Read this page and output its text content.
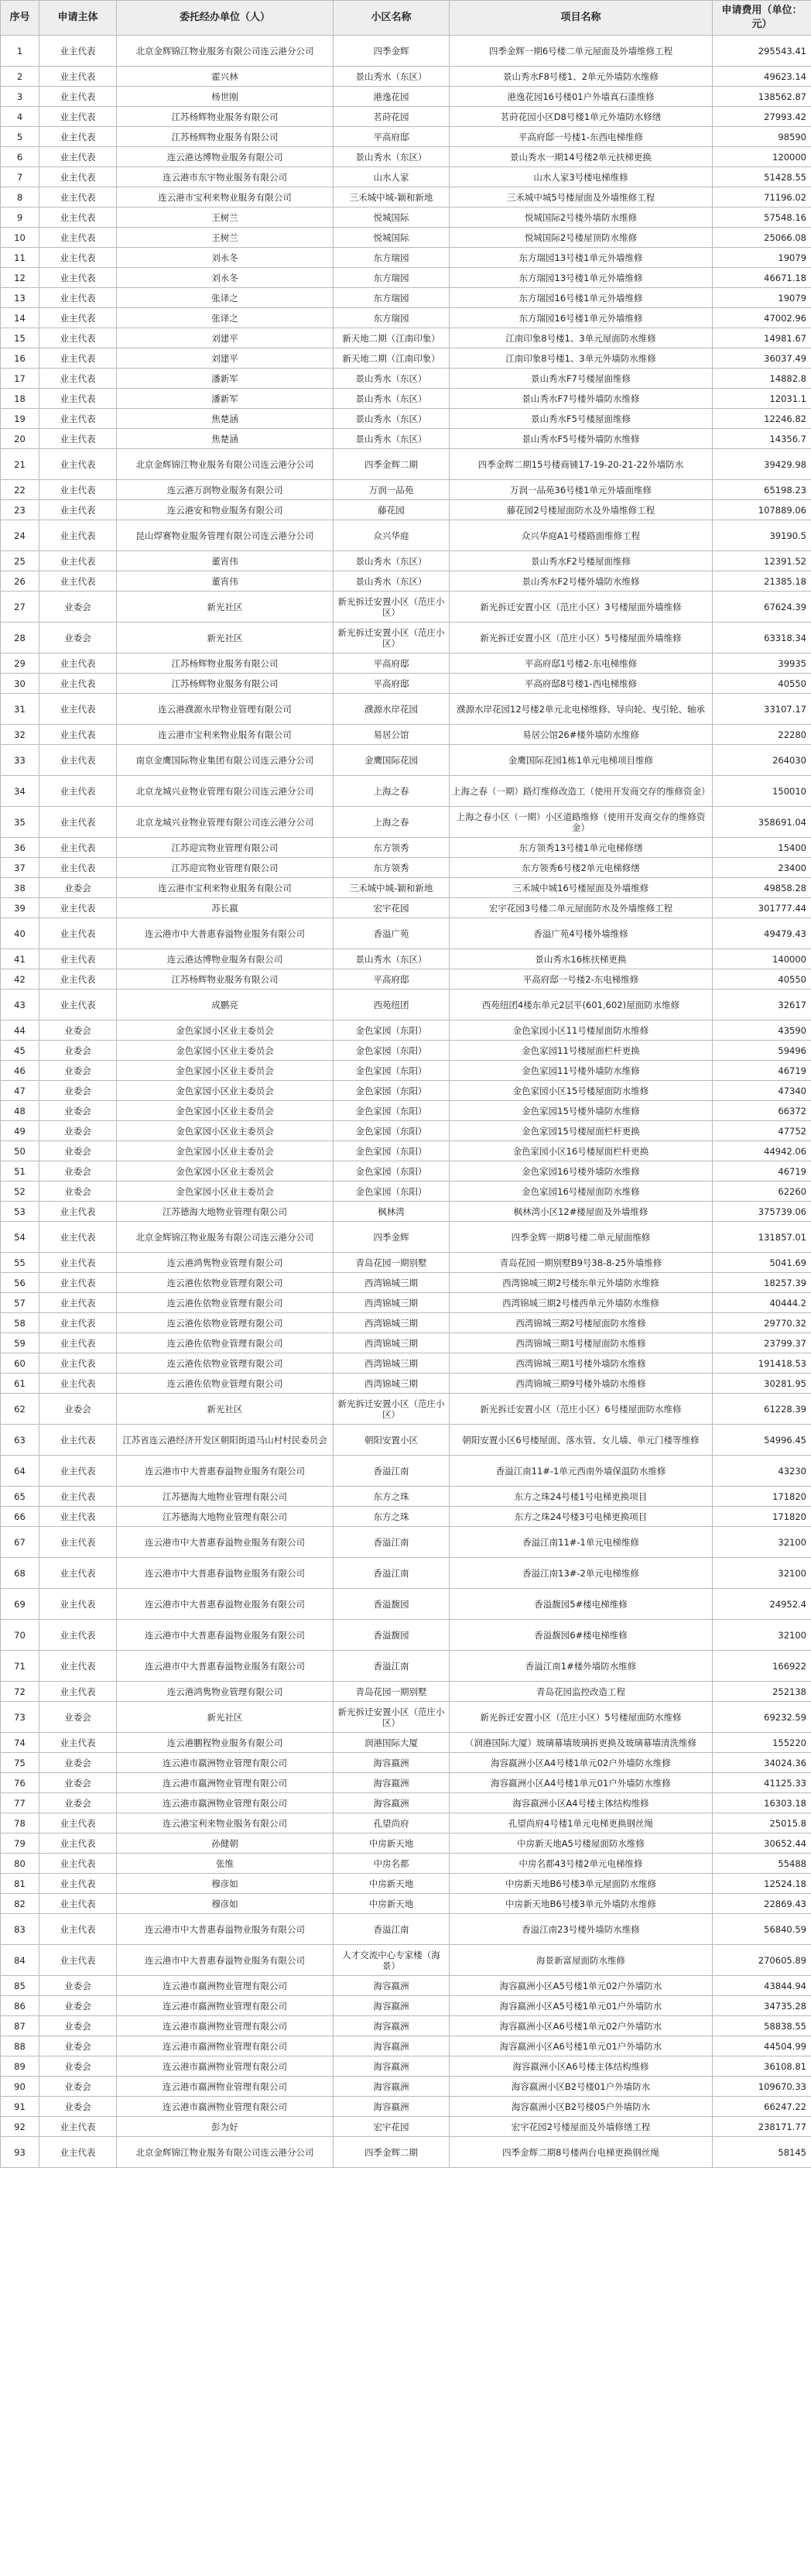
序号	申请主体	委托经办单位（人）	小区名称	项目名称	申请费用（单位：元）
1	业主代表	北京金辉锦江物业服务有限公司连云港分公司	四季金辉	四季金辉一期6号楼二单元屋面及外墙维修工程	295543.41
2	业主代表	霍兴林	景山秀水（东区）	景山秀水F8号楼1、2单元外墙防水维修	49623.14
3	业主代表	杨世刚	港逸花园	港逸花园16号楼01户外墙真石漆维修	138562.87
4	业主代表	江苏杨辉物业服务有限公司	茗莳花园	茗莳花园小区D8号楼1单元外墙防水修缮	27993.42
5	业主代表	江苏杨辉物业服务有限公司	平高府邸	平高府邸一号楼1-东西电梯维修	98590
6	业主代表	连云港达博物业服务有限公司	景山秀水（东区）	景山秀水一期14号楼2单元扶梯更换	120000
7	业主代表	连云港市东宇物业服务有限公司	山水人家	山水人家3号楼电梯维修	51428.55
8	业主代表	连云港市宝利来物业服务有限公司	三禾城中城-颖和新地	三禾城中城5号楼屋面及外墙维修工程	71196.02
9	业主代表	王树兰	悦城国际	悦城国际2号楼外墙防水维修	57548.16
10	业主代表	王树兰	悦城国际	悦城国际2号楼屋顶防水维修	25066.08
11	业主代表	刘永冬	东方瑞园	东方瑞园13号楼1单元外墙维修	19079
12	业主代表	刘永冬	东方瑞园	东方瑞园13号楼1单元外墙维修	46671.18
13	业主代表	张译之	东方瑞园	东方瑞园16号楼1单元外墙维修	19079
14	业主代表	张译之	东方瑞园	东方瑞园16号楼1单元外墙维修	47002.96
15	业主代表	刘建平	新天地二期（江南印象）	江南印象8号楼1、3单元屋面防水维修	14981.67
16	业主代表	刘建平	新天地二期（江南印象）	江南印象8号楼1、3单元外墙防水维修	36037.49
17	业主代表	潘新军	景山秀水（东区）	景山秀水F7号楼屋面维修	14882.8
18	业主代表	潘新军	景山秀水（东区）	景山秀水F7号楼外墙防水维修	12031.1
19	业主代表	焦楚涵	景山秀水（东区）	景山秀水F5号楼屋面维修	12246.82
20	业主代表	焦楚涵	景山秀水（东区）	景山秀水F5号楼外墙防水维修	14356.7
21	业主代表	北京金辉锦江物业服务有限公司连云港分公司	四季金辉二期	四季金辉二期15号楼商铺17-19-20-21-22外墙防水	39429.98
22	业主代表	连云港万润物业服务有限公司	万润一品苑	万润一品苑36号楼1单元外墙面维修	65198.23
23	业主代表	连云港安和物业服务有限公司	藤花园	藤花园2号楼屋面防水及外墙维修工程	107889.06
24	业主代表	昆山焊赛物业服务管理有限公司连云港分公司	众兴华庭	众兴华庭A1号楼路面维修工程	39190.5
25	业主代表	董宵伟	景山秀水（东区）	景山秀水F2号楼屋面维修	12391.52
26	业主代表	董宵伟	景山秀水（东区）	景山秀水F2号楼外墙防水维修	21385.18
27	业委会	新光社区	新光拆迁安置小区（范庄小区）	新光拆迁安置小区（范庄小区）3号楼屋面外墙维修	67624.39
28	业委会	新光社区	新光拆迁安置小区（范庄小区）	新光拆迁安置小区（范庄小区）5号楼屋面外墙维修	63318.34
29	业主代表	江苏杨辉物业服务有限公司	平高府邸	平高府邸1号楼2-东电梯维修	39935
30	业主代表	江苏杨辉物业服务有限公司	平高府邸	平高府邸8号楼1-西电梯维修	40550
31	业主代表	连云港濮源水岸物业管理有限公司	濮源水岸花园	濮源水岸花园12号楼2单元北电梯维修、导向轮、曳引轮、轴承	33107.17
32	业主代表	连云港市宝利来物业服务有限公司	易居公馆	易居公馆26#楼外墙防水维修	22280
33	业主代表	南京金鹰国际物业集团有限公司连云港分公司	金鹰国际花园	金鹰国际花园1栋1单元电梯项目维修	264030
34	业主代表	北京龙城兴业物业管理有限公司连云港分公司	上海之春	上海之春（一期）路灯维修改造工（使用开发商交存的维修资金）	150010
35	业主代表	北京龙城兴业物业管理有限公司连云港分公司	上海之春	上海之春小区（一期）小区道路维修（使用开发商交存的维修资金）	358691.04
36	业主代表	江苏迎宾物业管理有限公司	东方领秀	东方领秀13号楼1单元电梯修缮	15400
37	业主代表	江苏迎宾物业管理有限公司	东方领秀	东方领秀6号楼2单元电梯修缮	23400
38	业委会	连云港市宝利来物业服务有限公司	三禾城中城-颖和新地	三禾城中城16号楼屋面及外墙维修	49858.28
39	业主代表	苏长嬴	宏宇花园	宏宇花园3号楼二单元屋面防水及外墙维修工程	301777.44
40	业主代表	连云港市中大普惠春溢物业服务有限公司	香溢广苑	香溢广苑4号楼外墙维修	49479.43
41	业主代表	连云港达博物业服务有限公司	景山秀水（东区）	景山秀水16栋扶梯更换	140000
42	业主代表	江苏杨辉物业服务有限公司	平高府邸	平高府邸一号楼2-东电梯维修	40550
43	业主代表	成鹏亮	西苑纽团	西苑纽团4楼东单元2层平(601,602)屋面防水维修	32617
44	业委会	金色家园小区业主委员会	金色家园（东阳）	金色家园小区11号楼屋面防水维修	43590
45	业委会	金色家园小区业主委员会	金色家园（东阳）	金色家园11号楼屋面栏杆更换	59496
46	业委会	金色家园小区业主委员会	金色家园（东阳）	金色家园11号楼外墙防水维修	46719
47	业委会	金色家园小区业主委员会	金色家园（东阳）	金色家园小区15号楼屋面防水维修	47340
48	业委会	金色家园小区业主委员会	金色家园（东阳）	金色家园15号楼外墙防水维修	66372
49	业委会	金色家园小区业主委员会	金色家园（东阳）	金色家园15号楼屋面栏杆更换	47752
50	业委会	金色家园小区业主委员会	金色家园（东阳）	金色家园小区16号楼屋面栏杆更换	44942.06
51	业委会	金色家园小区业主委员会	金色家园（东阳）	金色家园16号楼外墙防水维修	46719
52	业委会	金色家园小区业主委员会	金色家园（东阳）	金色家园16号楼屋面防水维修	62260
53	业主代表	江苏德海大地物业管理有限公司	枫林湾	枫林湾小区12#楼屋面及外墙维修	375739.06
54	业主代表	北京金辉锦江物业服务有限公司连云港分公司	四季金辉	四季金辉一期8号楼二单元屋面维修	131857.01
55	业主代表	连云港鸿隽物业管理有限公司	青岛花园一期别墅	青岛花园一期别墅B9号38-8-25外墙维修	5041.69
56	业主代表	连云港佐依物业管理有限公司	西湾锦城三期	西湾锦城三期2号楼东单元外墙防水维修	18257.39
57	业主代表	连云港佐依物业管理有限公司	西湾锦城三期	西湾锦城三期2号楼西单元外墙防水维修	40444.2
58	业主代表	连云港佐依物业管理有限公司	西湾锦城三期	西湾锦城三期2号楼屋面防水维修	29770.32
59	业主代表	连云港佐依物业管理有限公司	西湾锦城三期	西湾锦城三期1号楼屋面防水维修	23799.37
60	业主代表	连云港佐依物业管理有限公司	西湾锦城三期	西湾锦城三期1号楼外墙防水维修	191418.53
61	业主代表	连云港佐依物业管理有限公司	西湾锦城三期	西湾锦城三期9号楼外墙防水维修	30281.95
62	业委会	新光社区	新光拆迁安置小区（范庄小区）	新光拆迁安置小区（范庄小区）6号楼屋面防水维修	61228.39
63	业主代表	江苏省连云港经济开发区朝阳街道马山村村民委员会	朝阳安置小区	朝阳安置小区6号楼屋面、落水管、女儿墙、单元门楼等维修	54996.45
64	业主代表	连云港市中大普惠春溢物业服务有限公司	香溢江南	香溢江南11#-1单元西南外墙保温防水维修	43230
65	业主代表	江苏德海大地物业管理有限公司	东方之珠	东方之珠24号楼1号电梯更换项目	171820
66	业主代表	江苏德海大地物业管理有限公司	东方之珠	东方之珠24号楼3号电梯更换项目	171820
67	业主代表	连云港市中大普惠春溢物业服务有限公司	香溢江南	香溢江南11#-1单元电梯维修	32100
68	业主代表	连云港市中大普惠春溢物业服务有限公司	香溢江南	香溢江南13#-2单元电梯维修	32100
69	业主代表	连云港市中大普惠春溢物业服务有限公司	香溢馥园	香溢馥园5#楼电梯维修	24952.4
70	业主代表	连云港市中大普惠春溢物业服务有限公司	香溢馥园	香溢馥园6#楼电梯维修	32100
71	业主代表	连云港市中大普惠春溢物业服务有限公司	香溢江南	香溢江南1#楼外墙防水维修	166922
72	业主代表	连云港鸿隽物业管理有限公司	青岛花园一期别墅	青岛花园监控改造工程	252138
73	业委会	新光社区	新光拆迁安置小区（范庄小区）	新光拆迁安置小区（范庄小区）5号楼屋面防水维修	69232.59
74	业主代表	连云港鹏程物业服务有限公司	润港国际大厦	（润港国际大厦）玻璃幕墙玻璃拆更换及玻璃幕墙清洗维修	155220
75	业委会	连云港市嬴洲物业管理有限公司	海容嬴洲	海容嬴洲小区A4号楼1单元02户外墙防水维修	34024.36
76	业委会	连云港市嬴洲物业管理有限公司	海容嬴洲	海容嬴洲小区A4号楼1单元01户外墙防水维修	41125.33
77	业委会	连云港市嬴洲物业管理有限公司	海容嬴洲	海容嬴洲小区A4号楼主体结构维修	16303.18
78	业主代表	连云港宝利来物业服务有限公司	孔望尚府	孔望尚府4号楼1单元电梯更换钢丝绳	25015.8
79	业主代表	孙健朝	中房新天地	中房新天地A5号楼屋面防水维修	30652.44
80	业主代表	张维	中房名都	中房名都43号楼2单元电梯维修	55488
81	业主代表	穆彦如	中房新天地	中房新天地B6号楼3单元屋面防水维修	12524.18
82	业主代表	穆彦如	中房新天地	中房新天地B6号楼3单元外墙防水维修	22869.43
83	业主代表	连云港市中大普惠春溢物业服务有限公司	香溢江南	香溢江南23号楼外墙防水维修	56840.59
84	业主代表	连云港市中大普惠春溢物业服务有限公司	人才交流中心专家楼（海景）	海景新富屋面防水维修	270605.89
85	业委会	连云港市嬴洲物业管理有限公司	海容嬴洲	海容嬴洲小区A5号楼1单元02户外墙防水	43844.94
86	业委会	连云港市嬴洲物业管理有限公司	海容嬴洲	海容嬴洲小区A5号楼1单元01户外墙防水	34735.28
87	业委会	连云港市嬴洲物业管理有限公司	海容嬴洲	海容嬴洲小区A6号楼1单元02户外墙防水	58838.55
88	业委会	连云港市嬴洲物业管理有限公司	海容嬴洲	海容嬴洲小区A6号楼1单元01户外墙防水	44504.99
89	业委会	连云港市嬴洲物业管理有限公司	海容嬴洲	海容嬴洲小区A6号楼主体结构维修	36108.81
90	业委会	连云港市嬴洲物业管理有限公司	海容嬴洲	海容嬴洲小区B2号楼01户外墙防水	109670.33
91	业委会	连云港市嬴洲物业管理有限公司	海容嬴洲	海容嬴洲小区B2号楼05户外墙防水	66247.22
92	业主代表	彭为好	宏宇花园	宏宇花园2号楼屋面及外墙修缮工程	238171.77
93	业主代表	北京金辉锦江物业服务有限公司连云港分公司	四季金辉二期	四季金辉二期8号楼两台电梯更换钢丝绳	58145
